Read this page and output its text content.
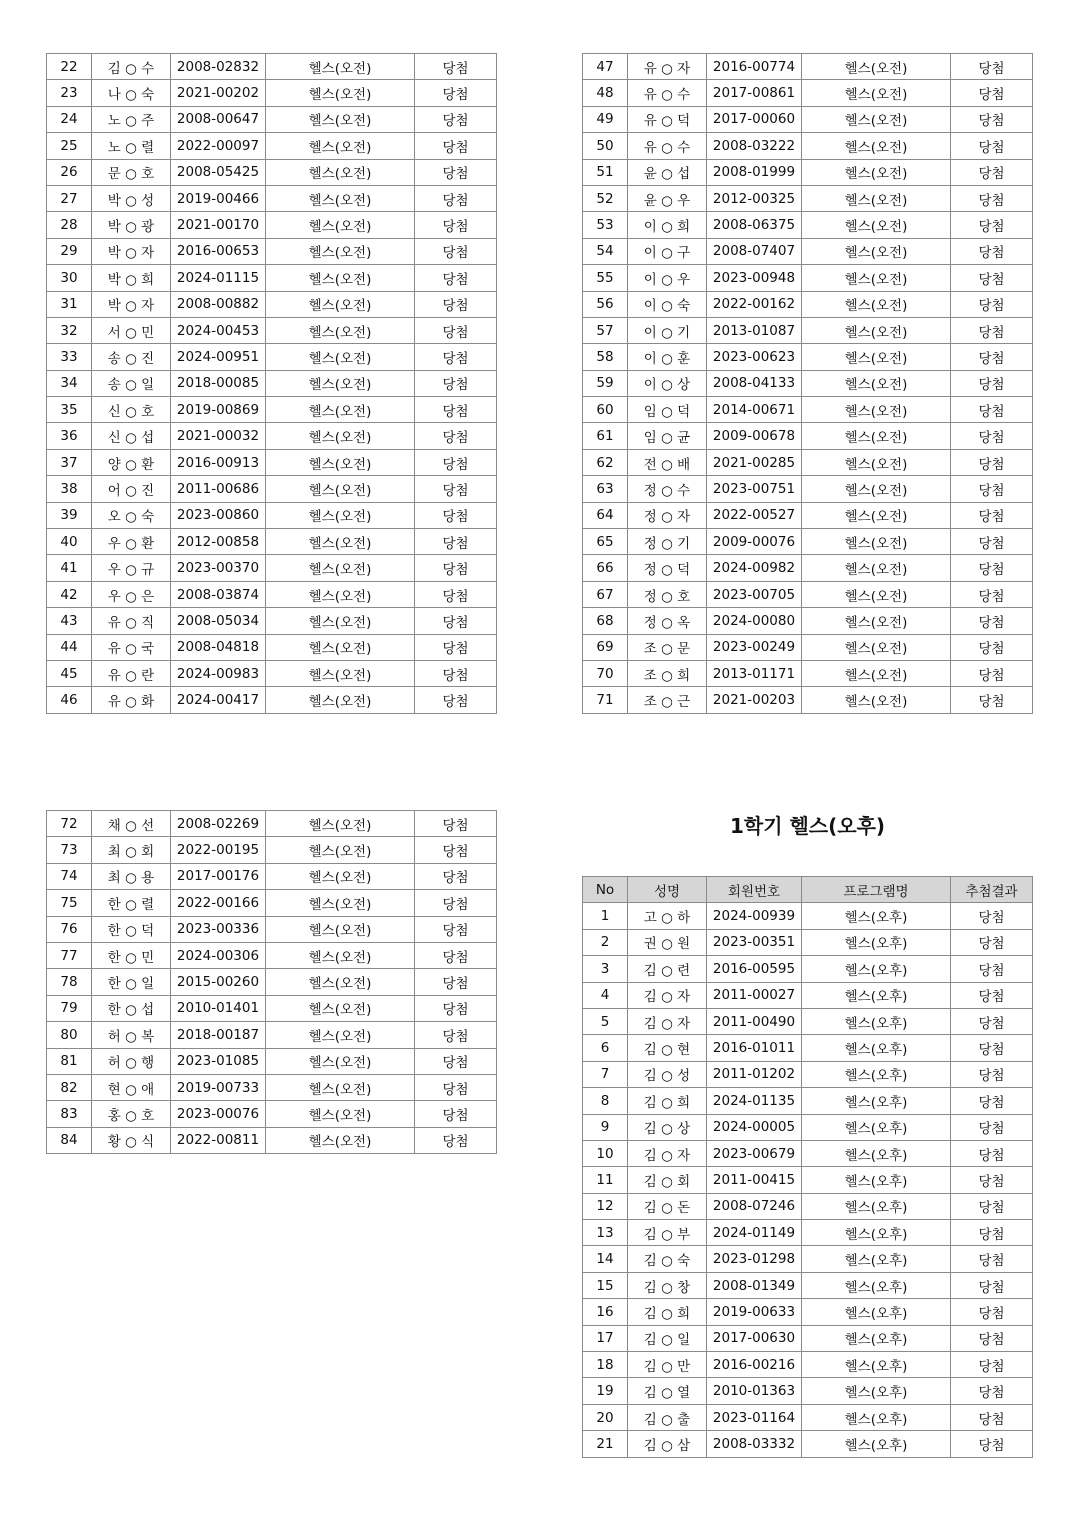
22	김 ○ 수	2008-02832	헬스(오전)	당첨
23	나 ○ 숙	2021-00202	헬스(오전)	당첨
24	노 ○ 주	2008-00647	헬스(오전)	당첨
25	노 ○ 렬	2022-00097	헬스(오전)	당첨
26	문 ○ 호	2008-05425	헬스(오전)	당첨
27	박 ○ 성	2019-00466	헬스(오전)	당첨
28	박 ○ 광	2021-00170	헬스(오전)	당첨
29	박 ○ 자	2016-00653	헬스(오전)	당첨
30	박 ○ 희	2024-01115	헬스(오전)	당첨
31	박 ○ 자	2008-00882	헬스(오전)	당첨
32	서 ○ 민	2024-00453	헬스(오전)	당첨
33	송 ○ 진	2024-00951	헬스(오전)	당첨
34	송 ○ 일	2018-00085	헬스(오전)	당첨
35	신 ○ 호	2019-00869	헬스(오전)	당첨
36	신 ○ 섭	2021-00032	헬스(오전)	당첨
37	양 ○ 환	2016-00913	헬스(오전)	당첨
38	어 ○ 진	2011-00686	헬스(오전)	당첨
39	오 ○ 숙	2023-00860	헬스(오전)	당첨
40	우 ○ 환	2012-00858	헬스(오전)	당첨
41	우 ○ 규	2023-00370	헬스(오전)	당첨
42	우 ○ 은	2008-03874	헬스(오전)	당첨
43	유 ○ 직	2008-05034	헬스(오전)	당첨
44	유 ○ 국	2008-04818	헬스(오전)	당첨
45	유 ○ 란	2024-00983	헬스(오전)	당첨
46	유 ○ 화	2024-00417	헬스(오전)	당첨
47	유 ○ 자	2016-00774	헬스(오전)	당첨
48	유 ○ 수	2017-00861	헬스(오전)	당첨
49	유 ○ 덕	2017-00060	헬스(오전)	당첨
50	유 ○ 수	2008-03222	헬스(오전)	당첨
51	윤 ○ 섭	2008-01999	헬스(오전)	당첨
52	윤 ○ 우	2012-00325	헬스(오전)	당첨
53	이 ○ 희	2008-06375	헬스(오전)	당첨
54	이 ○ 구	2008-07407	헬스(오전)	당첨
55	이 ○ 우	2023-00948	헬스(오전)	당첨
56	이 ○ 숙	2022-00162	헬스(오전)	당첨
57	이 ○ 기	2013-01087	헬스(오전)	당첨
58	이 ○ 훈	2023-00623	헬스(오전)	당첨
59	이 ○ 상	2008-04133	헬스(오전)	당첨
60	임 ○ 덕	2014-00671	헬스(오전)	당첨
61	임 ○ 균	2009-00678	헬스(오전)	당첨
62	전 ○ 배	2021-00285	헬스(오전)	당첨
63	정 ○ 수	2023-00751	헬스(오전)	당첨
64	정 ○ 자	2022-00527	헬스(오전)	당첨
65	정 ○ 기	2009-00076	헬스(오전)	당첨
66	정 ○ 덕	2024-00982	헬스(오전)	당첨
67	정 ○ 호	2023-00705	헬스(오전)	당첨
68	정 ○ 옥	2024-00080	헬스(오전)	당첨
69	조 ○ 문	2023-00249	헬스(오전)	당첨
70	조 ○ 희	2013-01171	헬스(오전)	당첨
71	조 ○ 근	2021-00203	헬스(오전)	당첨
72	채 ○ 선	2008-02269	헬스(오전)	당첨
73	최 ○ 회	2022-00195	헬스(오전)	당첨
74	최 ○ 용	2017-00176	헬스(오전)	당첨
75	한 ○ 렬	2022-00166	헬스(오전)	당첨
76	한 ○ 덕	2023-00336	헬스(오전)	당첨
77	한 ○ 민	2024-00306	헬스(오전)	당첨
78	한 ○ 일	2015-00260	헬스(오전)	당첨
79	한 ○ 섭	2010-01401	헬스(오전)	당첨
80	허 ○ 복	2018-00187	헬스(오전)	당첨
81	허 ○ 행	2023-01085	헬스(오전)	당첨
82	현 ○ 애	2019-00733	헬스(오전)	당첨
83	홍 ○ 호	2023-00076	헬스(오전)	당첨
84	황 ○ 식	2022-00811	헬스(오전)	당첨
1학기 헬스(오후)
No	성명	회원번호	프로그램명	추첨결과
1	고 ○ 하	2024-00939	헬스(오후)	당첨
2	권 ○ 원	2023-00351	헬스(오후)	당첨
3	김 ○ 련	2016-00595	헬스(오후)	당첨
4	김 ○ 자	2011-00027	헬스(오후)	당첨
5	김 ○ 자	2011-00490	헬스(오후)	당첨
6	김 ○ 현	2016-01011	헬스(오후)	당첨
7	김 ○ 성	2011-01202	헬스(오후)	당첨
8	김 ○ 희	2024-01135	헬스(오후)	당첨
9	김 ○ 상	2024-00005	헬스(오후)	당첨
10	김 ○ 자	2023-00679	헬스(오후)	당첨
11	김 ○ 회	2011-00415	헬스(오후)	당첨
12	김 ○ 돈	2008-07246	헬스(오후)	당첨
13	김 ○ 부	2024-01149	헬스(오후)	당첨
14	김 ○ 숙	2023-01298	헬스(오후)	당첨
15	김 ○ 창	2008-01349	헬스(오후)	당첨
16	김 ○ 희	2019-00633	헬스(오후)	당첨
17	김 ○ 일	2017-00630	헬스(오후)	당첨
18	김 ○ 만	2016-00216	헬스(오후)	당첨
19	김 ○ 열	2010-01363	헬스(오후)	당첨
20	김 ○ 출	2023-01164	헬스(오후)	당첨
21	김 ○ 삼	2008-03332	헬스(오후)	당첨
